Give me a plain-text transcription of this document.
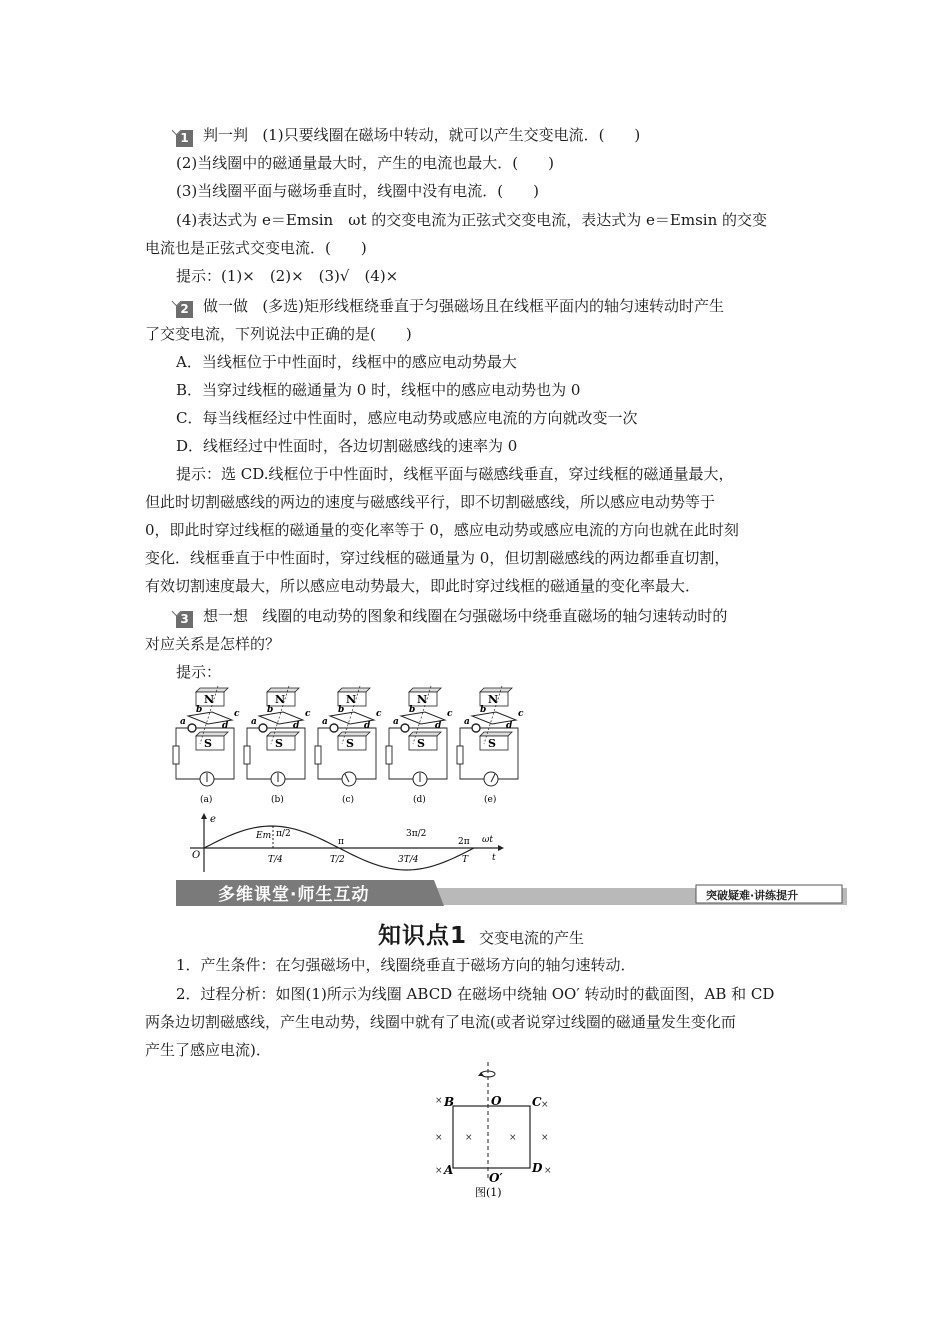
1 判一判 (1)只要线圈在磁场中转动，就可以产生交变电流．(　　)
(2)当线圈中的磁通量最大时，产生的电流也最大．(　　)
(3)当线圈平面与磁场垂直时，线圈中没有电流．(　　)
(4)表达式为 e＝Emsin　ωt 的交变电流为正弦式交变电流，表达式为 e＝Emsin 的交变
电流也是正弦式交变电流．(　　)
提示：(1)×　(2)×　(3)√　(4)×
2 做一做 (多选)矩形线框绕垂直于匀强磁场且在线框平面内的轴匀速转动时产生
了交变电流，下列说法中正确的是(　　)
A．当线框位于中性面时，线框中的感应电动势最大
B．当穿过线框的磁通量为 0 时，线框中的感应电动势也为 0
C．每当线框经过中性面时，感应电动势或感应电流的方向就改变一次
D．线框经过中性面时，各边切割磁感线的速率为 0
提示：选 CD.线框位于中性面时，线框平面与磁感线垂直，穿过线框的磁通量最大，
但此时切割磁感线的两边的速度与磁感线平行，即不切割磁感线，所以感应电动势等于
0，即此时穿过线框的磁通量的变化率等于 0，感应电动势或感应电流的方向也就在此时刻
变化．线框垂直于中性面时，穿过线框的磁通量为 0，但切割磁感线的两边都垂直切割，
有效切割速度最大，所以感应电动势最大，即此时穿过线框的磁通量的变化率最大．
3 想一想 线圈的电动势的图象和线圈在匀强磁场中绕垂直磁场的轴匀速转动时的
对应关系是怎样的？
提示：
N
S
a
b	c
d
(a)
N
S
a
b	c
d
(b)
N
S
a
b	c
d
(c)
N
S
a
b	c
d
(d)
N
S
a
b	c
d
(e)
e
O
Em π/2
π
3π/2
2π ωt
T/4	T/2	3T/4	T	t
多维课堂·师生互动	突破疑难·讲练提升
知识点1 交变电流的产生
1．产生条件：在匀强磁场中，线圈绕垂直于磁场方向的轴匀速转动．
2．过程分析：如图(1)所示为线圈 ABCD 在磁场中绕轴 OO′ 转动时的截面图，AB 和 CD
两条边切割磁感线，产生电动势，线圈中就有了电流(或者说穿过线圈的磁通量发生变化而
产生了感应电流)．
B	C
A	D
O
O′
×	×
× ×	×	×
×	×
图(1)
